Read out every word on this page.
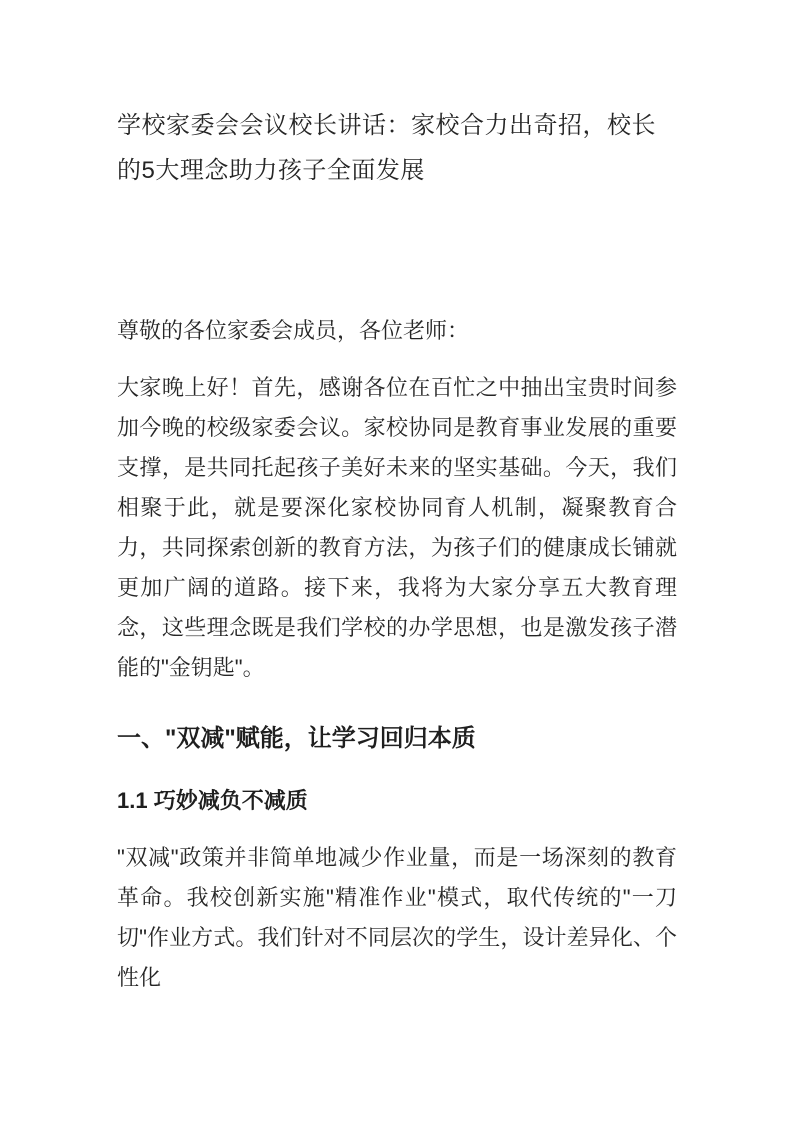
学校家委会会议校长讲话：家校合力出奇招，校长的5大理念助力孩子全面发展

尊敬的各位家委会成员，各位老师：

大家晚上好！首先，感谢各位在百忙之中抽出宝贵时间参加今晚的校级家委会议。家校协同是教育事业发展的重要支撑，是共同托起孩子美好未来的坚实基础。今天，我们相聚于此，就是要深化家校协同育人机制，凝聚教育合力，共同探索创新的教育方法，为孩子们的健康成长铺就更加广阔的道路。接下来，我将为大家分享五大教育理念，这些理念既是我们学校的办学思想，也是激发孩子潜能的"金钥匙"。

一、"双减"赋能，让学习回归本质
1.1 巧妙减负不减质

"双减"政策并非简单地减少作业量，而是一场深刻的教育革命。我校创新实施"精准作业"模式，取代传统的"一刀切"作业方式。我们针对不同层次的学生，设计差异化、个性化
